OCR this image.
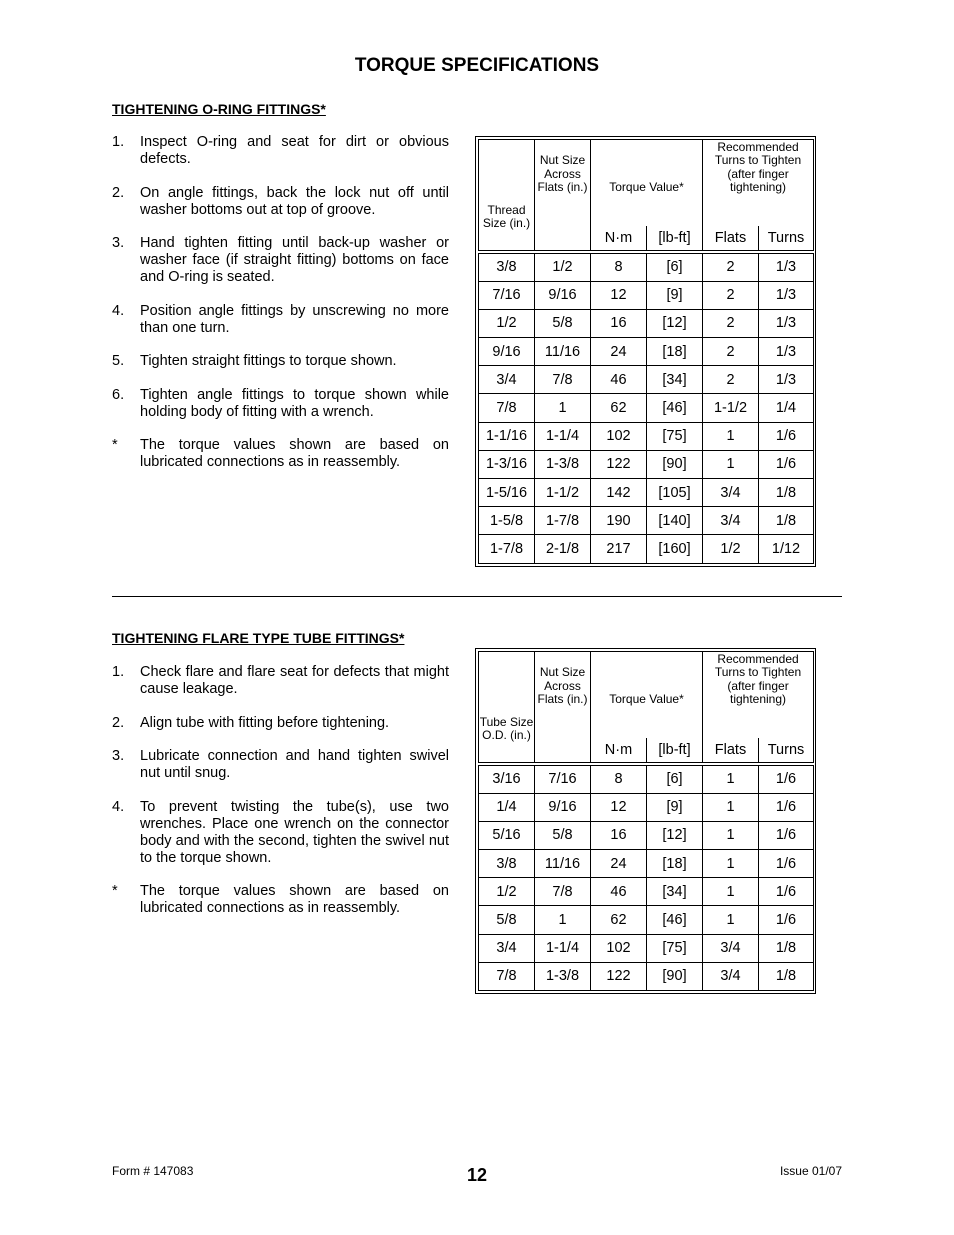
TORQUE SPECIFICATIONS
TIGHTENING O-RING FITTINGS*
1.	Inspect O-ring and seat for dirt or obvious defects.
2.	On angle fittings, back the lock nut off until washer bottoms out at top of groove.
3.	Hand tighten fitting until back-up washer or washer face (if straight fitting) bottoms on face and O-ring is seated.
4.	Position angle fittings by unscrewing no more than one turn.
5.	Tighten straight fittings to torque shown.
6.	Tighten angle fittings to torque shown while holding body of fitting with a wrench.
*	The torque values shown are based on lubricated connections as in reassembly.
Thread Size (in.)	Nut Size Across Flats (in.)	Torque Value*		Recommended Turns to Tighten (after finger tightening)	
		N·m	[lb-ft]	Flats	Turns

3/8	1/2	8	[6]	2	1/3
7/16	9/16	12	[9]	2	1/3
1/2	5/8	16	[12]	2	1/3
9/16	11/16	24	[18]	2	1/3
3/4	7/8	46	[34]	2	1/3
7/8	1	62	[46]	1-1/2	1/4
1-1/16	1-1/4	102	[75]	1	1/6
1-3/16	1-3/8	122	[90]	1	1/6
1-5/16	1-1/2	142	[105]	3/4	1/8
1-5/8	1-7/8	190	[140]	3/4	1/8
1-7/8	2-1/8	217	[160]	1/2	1/12
TIGHTENING FLARE TYPE TUBE FITTINGS*
1.	Check flare and flare seat for defects that might cause leakage.
2.	Align tube with fitting before tightening.
3.	Lubricate connection and hand tighten swivel nut until snug.
4.	To prevent twisting the tube(s), use two wrenches. Place one wrench on the connector body and with the second, tighten the swivel nut to the torque shown.
*	The torque values shown are based on lubricated connections as in reassembly.
Tube Size O.D. (in.)	Nut Size Across Flats (in.)	Torque Value*		Recommended Turns to Tighten (after finger tightening)	
		N·m	[lb-ft]	Flats	Turns

3/16	7/16	8	[6]	1	1/6
1/4	9/16	12	[9]	1	1/6
5/16	5/8	16	[12]	1	1/6
3/8	11/16	24	[18]	1	1/6
1/2	7/8	46	[34]	1	1/6
5/8	1	62	[46]	1	1/6
3/4	1-1/4	102	[75]	3/4	1/8
7/8	1-3/8	122	[90]	3/4	1/8
Form # 147083	12	Issue 01/07
